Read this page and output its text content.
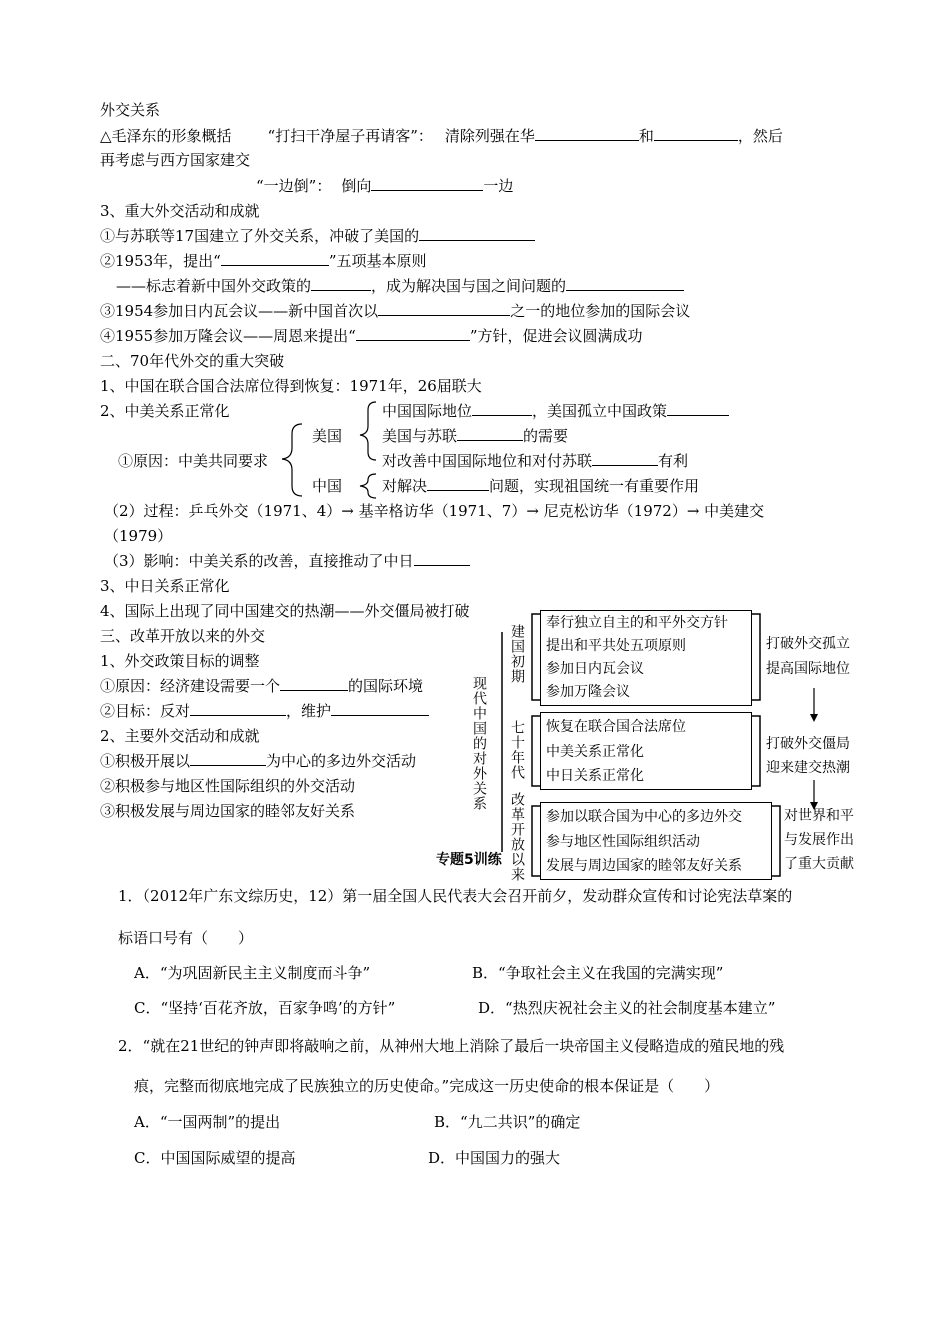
外交关系
△毛泽东的形象概括 “打扫干净屋子再请客”： 清除列强在华	和	，然后
再考虑与西方国家建交
“一边倒”： 倒向	一边
3、重大外交活动和成就
①与苏联等17国建立了外交关系，冲破了美国的
②1953年，提出“	”五项基本原则
——标志着新中国外交政策的	，成为解决国与国之间问题的
③1954参加日内瓦会议——新中国首次以	之一的地位参加的国际会议
④1955参加万隆会议——周恩来提出“	”方针，促进会议圆满成功
二、70年代外交的重大突破
1、中国在联合国合法席位得到恢复：1971年，26届联大
2、中美关系正常化
美国
中国
①原因：中美共同要求
中国国际地位	，美国孤立中国政策
美国与苏联	的需要
对改善中国国际地位和对付苏联	有利
对解决	问题，实现祖国统一有重要作用
（2）过程：乒乓外交（1971、4）→ 基辛格访华（1971、7）→ 尼克松访华（1972）→ 中美建交
（1979）
（3）影响：中美关系的改善，直接推动了中日
3、中日关系正常化
4、国际上出现了同中国建交的热潮——外交僵局被打破
三、改革开放以来的外交
1、外交政策目标的调整
①原因：经济建设需要一个	的国际环境
②目标：反对	，维护
2、主要外交活动和成就
①积极开展以	为中心的多边外交活动
②积极参与地区性国际组织的外交活动
③积极发展与周边国家的睦邻友好关系	现代中国的对外关系
建国初期
七十年代
改革开放以来
奉行独立自主的和平外交方针
提出和平共处五项原则
参加日内瓦会议
参加万隆会议
恢复在联合国合法席位
中美关系正常化
中日关系正常化
参加以联合国为中心的多边外交
参与地区性国际组织活动
发展与周边国家的睦邻友好关系
打破外交孤立
提高国际地位
打破外交僵局
迎来建交热潮
对世界和平
与发展作出
了重大贡献
专题5训练
1．（2012年广东文综历史，12）第一届全国人民代表大会召开前夕，发动群众宣传和讨论宪法草案的
标语口号有（　　）
A．“为巩固新民主主义制度而斗争”	B．“争取社会主义在我国的完满实现”
C．“坚持‘百花齐放，百家争鸣’的方针”	D．“热烈庆祝社会主义的社会制度基本建立”
2．“就在21世纪的钟声即将敲响之前，从神州大地上消除了最后一块帝国主义侵略造成的殖民地的残
痕，完整而彻底地完成了民族独立的历史使命。”完成这一历史使命的根本保证是（　　）
A．“一国两制”的提出	B．“九二共识”的确定
C．中国国际威望的提高	D．中国国力的强大
